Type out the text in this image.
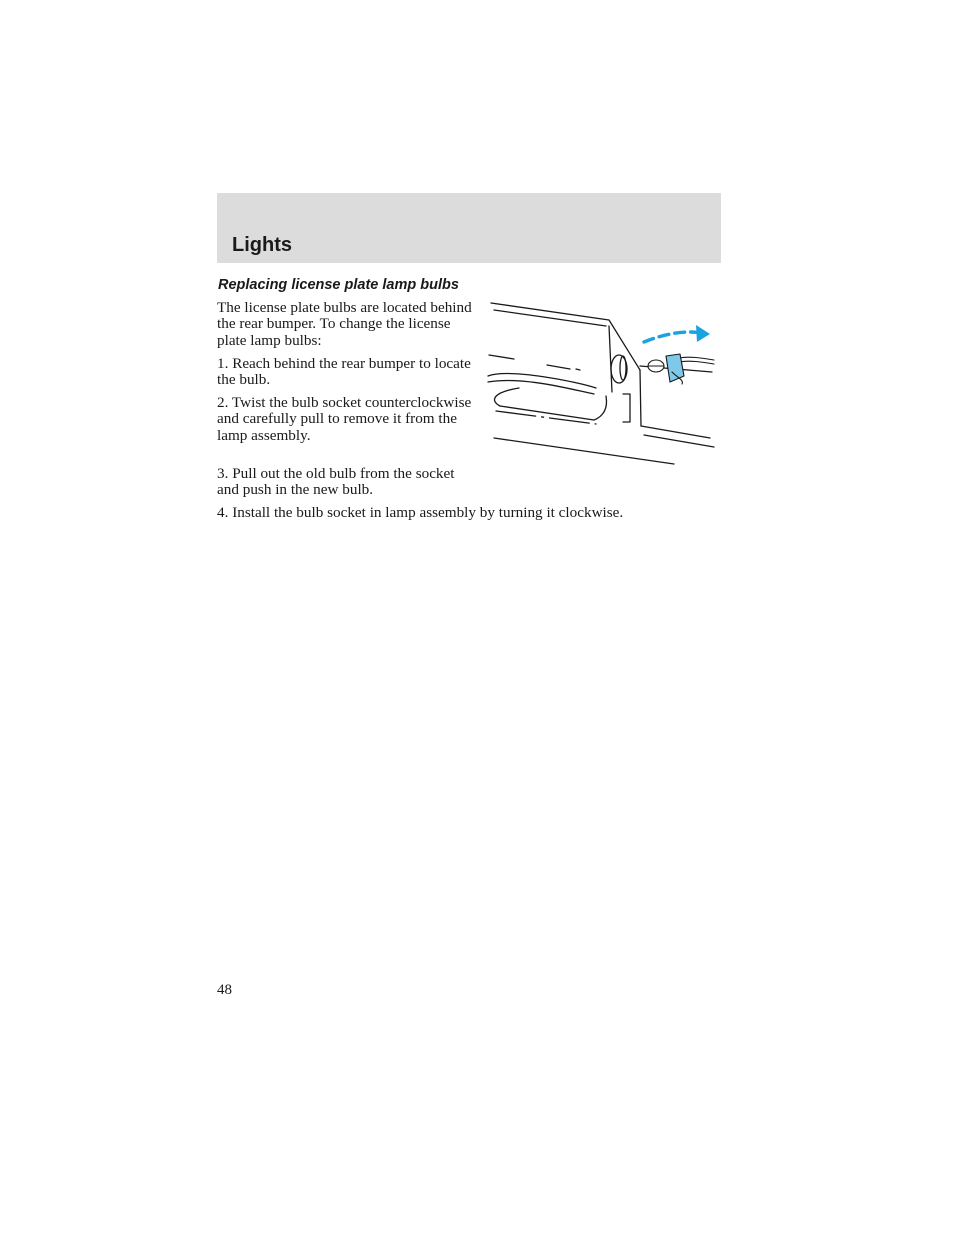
Lights
Replacing license plate lamp bulbs

The license plate bulbs are located behind the rear bumper. To change the license plate lamp bulbs:

1. Reach behind the rear bumper to locate the bulb.

2. Twist the bulb socket counterclockwise and carefully pull to remove it from the lamp assembly.

3. Pull out the old bulb from the socket and push in the new bulb.

4. Install the bulb socket in lamp assembly by turning it clockwise.

48
